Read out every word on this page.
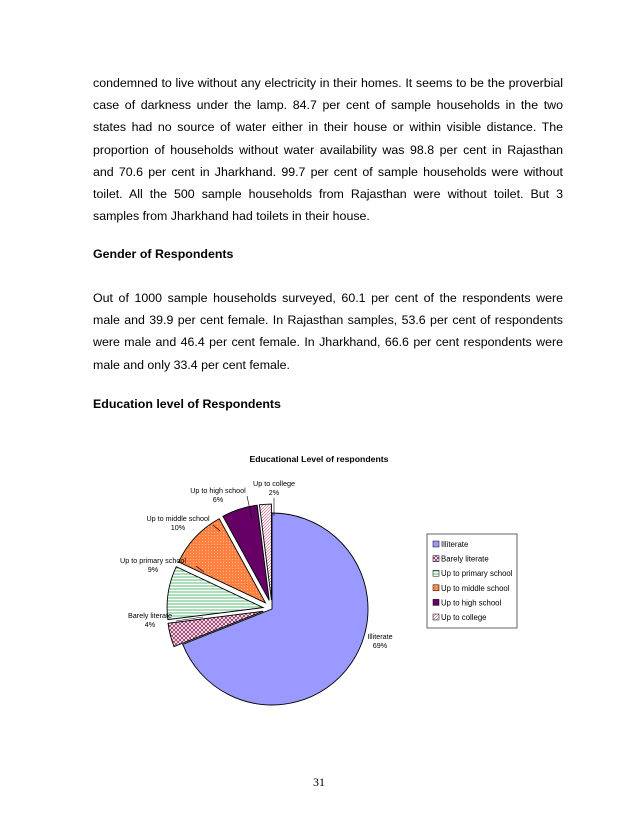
condemned to live without any electricity in their homes. It seems to be the proverbial case of darkness under the lamp. 84.7 per cent of sample households in the two states had no source of water either in their house or within visible distance. The proportion of households without water availability was 98.8 per cent in Rajasthan and 70.6 per cent in Jharkhand. 99.7 per cent of sample households were without toilet. All the 500 sample households from Rajasthan were without toilet. But 3 samples from Jharkhand had toilets in their house.

Gender of Respondents

Out of 1000 sample households surveyed, 60.1 per cent of the respondents were male and 39.9 per cent female. In Rajasthan samples, 53.6 per cent of respondents were male and 46.4 per cent female. In Jharkhand, 66.6 per cent respondents were male and only 33.4 per cent female.

Education level of Respondents

Educational Level of respondents
Illiterate 69%
Barely literate 4%
Up to primary school 9%
Up to middle school 10%
Up to high school 6%
Up to college 2%
Illiterate
Barely literate
Up to primary school
Up to middle school
Up to high school
Up to college
31
